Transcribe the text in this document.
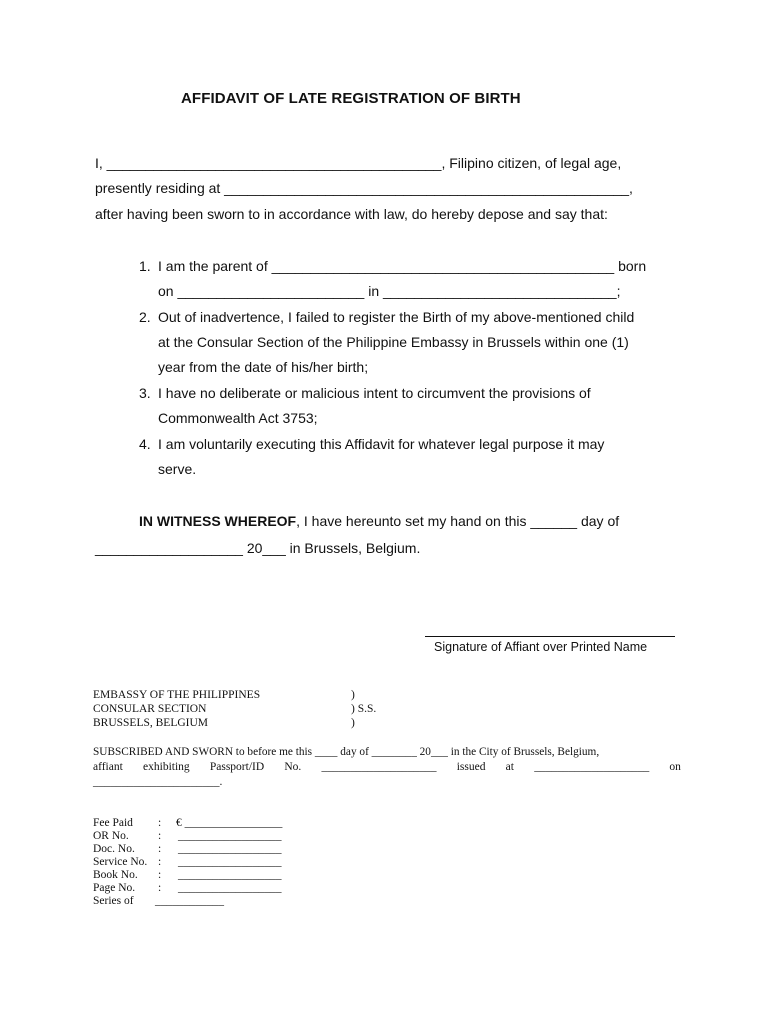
AFFIDAVIT OF LATE REGISTRATION OF BIRTH
I, ___________________________________________, Filipino citizen, of legal age,
presently residing at ____________________________________________________,
after having been sworn to in accordance with law, do hereby depose and say that:
1. I am the parent of ____________________________________________ born
on ________________________ in ______________________________;
2. Out of inadvertence, I failed to register the Birth of my above-mentioned child
at the Consular Section of the Philippine Embassy in Brussels within one (1)
year from the date of his/her birth;
3. I have no deliberate or malicious intent to circumvent the provisions of
Commonwealth Act 3753;
4. I am voluntarily executing this Affidavit for whatever legal purpose it may
serve.
IN WITNESS WHEREOF, I have hereunto set my hand on this ______ day of
___________________ 20___ in Brussels, Belgium.
Signature of Affiant over Printed Name
EMBASSY OF THE PHILIPPINES
CONSULAR SECTION
BRUSSELS, BELGIUM
)
) S.S.
)
SUBSCRIBED AND SWORN to before me this ____ day of ________ 20___ in the City of Brussels, Belgium,
affiant exhibiting Passport/ID No. ____________________ issued at ____________________ on
______________________.
Fee Paid : € _________________
OR No.	: __________________
Doc. No. : __________________
Service No. : __________________
Book No. : __________________
Page No. : __________________
Series of ____________
